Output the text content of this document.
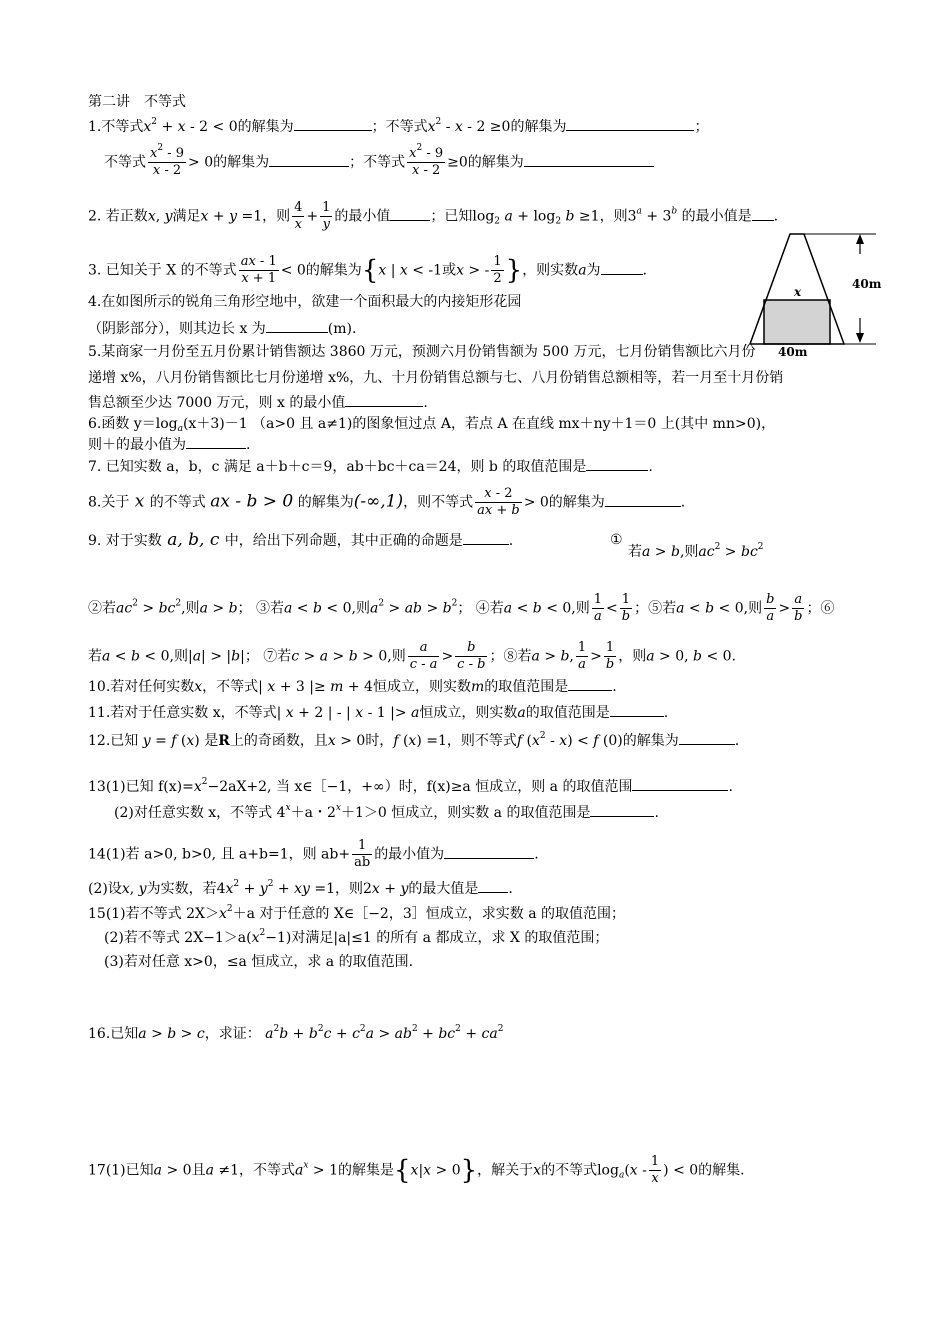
第二讲　不等式
1.不等式$x^2 + x - 2 < 0$的解集为	；不等式$x^2 - x - 2 \ge 0$的解集为	；
不等式 $\frac{x^2 - 9}{x - 2} > 0$的解集为	；不等式 $\frac{x^2 - 9}{x - 2} \ge 0$的解集为
2. 若正数x, y满足x + y =1，则 $\frac{4}{x} + \frac{1}{y}$ 的最小值	；已知$\log_2 a + \log_2 b \ge 1$，则$3^a + 3^b$ 的最小值是 .
3. 已知关于 X 的不等式 $\frac{ax - 1}{x + 1} < 0$的解集为{x | x < -1或x > - $\frac{1}{2}$ }，则实数a为	.
4.在如图所示的锐角三角形空地中，欲建一个面积最大的内接矩形花园
（阴影部分），则其边长 x 为	(m).
5.某商家一月份至五月份累计销售额达 3860 万元，预测六月份销售额为 500 万元，七月份销售额比六月份
递增 x%，八月份销售额比七月份递增 x%，九、十月份销售总额与七、八月份销售总额相等，若一月至十月份销
售总额至少达 7000 万元，则 x 的最小值	.
6.函数 $y=\log_a(x+3)-1$ （a>0 且 a≠1)的图象恒过点 A，若点 A 在直线 mx＋ny＋1＝0 上(其中 mn>0)，
则＋的最小值为	.
7. 已知实数 a，b，c 满足 a＋b＋c＝9，ab＋bc＋ca＝24，则 b 的取值范围是	.
8.关于 x 的不等式 ax - b > 0 的解集为(-∞,1)，则不等式 $\frac{x - 2}{ax + b} > 0$的解集为	.
9. 对于实数 a, b, c 中，给出下列命题，其中正确的命题是	.	①
若a > b,则$ac^2 > bc^2$
②若$ac^2 > bc^2$,则a > b； ③若a < b < 0,则$a^2$ > ab > $b^2$； ④若a < b < 0,则 $\frac{1}{a} < \frac{1}{b}$ ；⑤若a < b < 0,则 $\frac{b}{a} > \frac{a}{b}$ ；⑥
若a < b < 0,则|a| > |b|； ⑦若c > a > b > 0,则 $\frac{a}{c - a} > \frac{b}{c - b}$ ；⑧若a > b, $\frac{1}{a} > \frac{1}{b}$ ，则a > 0, b < 0.
10.若对任何实数x，不等式| x + 3 |≥ m + 4恒成立，则实数m的取值范围是	.
11.若对于任意实数 x，不等式| x + 2 | - | x - 1 |> a恒成立，则实数a的取值范围是	.
12.已知 y = f (x) 是R上的奇函数，且x > 0时，f (x) =1，则不等式f $(x^2 - x) < f$ (0)的解集为	.
13(1)已知 $f(x)=x^2-2aX+2$, 当 x∈［−1，+∞）时，f(x)≥a 恒成立，则 a 的取值范围	.
(2)对任意实数 x，不等式 $4^x+a$・$2^x+1>0$ 恒成立，则实数 a 的取值范围是	.
14(1)若 a>0, b>0, 且 a+b=1，则 $ab+ \frac{1}{ab}$ 的最小值为	.
(2)设x, y为实数，若$4x^2 + y^2$ + xy =1，则2x + y的最大值是 .
15(1)若不等式 $2X>x^2+a$ 对于任意的 X∈［−2，3］恒成立，求实数 a 的取值范围；
(2)若不等式 $2X-1>a(x^2-1)$对满足|a|≤1 的所有 a 都成立，求 X 的取值范围；
(3)若对任意 x>0，≤a 恒成立，求 a 的取值范围.
16.已知a > b > c，求证： $a^2b + b^2c + c^2a > ab^2 + bc^2 + ca^2$
17(1)已知a > 0且a ≠1，不等式$a^x > 1$的解集是{x|x > 0}，解关于x的不等式$\log_a(x - \frac{1}{x}$ ) < 0的解集.
40m
40m
x
